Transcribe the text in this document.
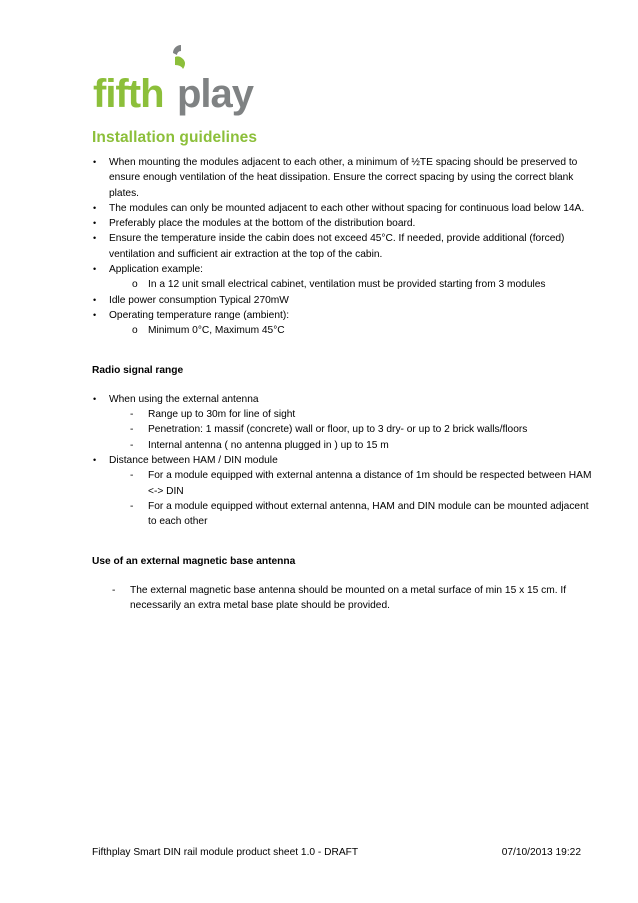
fifth play
Installation guidelines
• When mounting the modules adjacent to each other, a minimum of ½TE spacing should be preserved to ensure enough ventilation of the heat dissipation. Ensure the correct spacing by using the correct blank plates.
• The modules can only be mounted adjacent to each other without spacing for continuous load below 14A.
• Preferably place the modules at the bottom of the distribution board.
• Ensure the temperature inside the cabin does not exceed 45°C. If needed, provide additional (forced) ventilation and sufficient air extraction at the top of the cabin.
• Application example:
o In a 12 unit small electrical cabinet, ventilation must be provided starting from 3 modules
• Idle power consumption Typical 270mW
• Operating temperature range (ambient):
o Minimum 0°C, Maximum 45°C

Radio signal range

• When using the external antenna
- Range up to 30m for line of sight
- Penetration: 1 massif (concrete) wall or floor, up to 3 dry- or up to 2 brick walls/floors
- Internal antenna ( no antenna plugged in ) up to 15 m
• Distance between HAM / DIN module
- For a module equipped with external antenna a distance of 1m should be respected between HAM <-> DIN
- For a module equipped without external antenna, HAM and DIN module can be mounted adjacent to each other

Use of an external magnetic base antenna

- The external magnetic base antenna should be mounted on a metal surface of min 15 x 15 cm. If necessarily an extra metal base plate should be provided.
Fifthplay Smart DIN rail module product sheet 1.0 - DRAFT	07/10/2013 19:22
